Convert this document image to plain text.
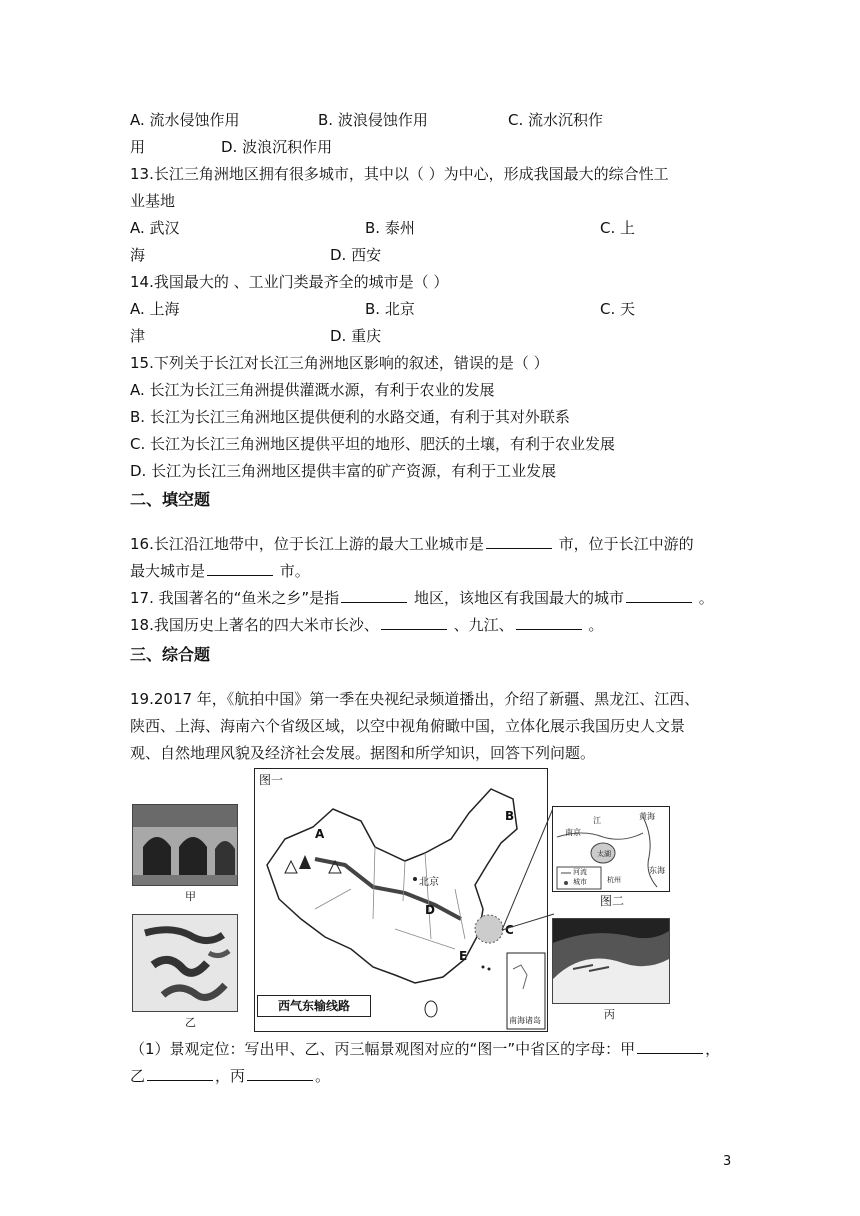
A. 流水侵蚀作用	B. 波浪侵蚀作用	C. 流水沉积作
用	D. 波浪沉积作用
13.长江三角洲地区拥有很多城市，其中以（ ）为中心，形成我国最大的综合性工
业基地
A. 武汉	B. 泰州	C. 上
海	D. 西安
14.我国最大的 、工业门类最齐全的城市是（ ）
A. 上海	B. 北京	C. 天
津	D. 重庆
15.下列关于长江对长江三角洲地区影响的叙述，错误的是（ ）
A. 长江为长江三角洲提供灌溉水源，有利于农业的发展
B. 长江为长江三角洲地区提供便利的水路交通，有利于其对外联系
C. 长江为长江三角洲地区提供平坦的地形、肥沃的土壤，有利于农业发展
D. 长江为长江三角洲地区提供丰富的矿产资源，有利于工业发展
二、填空题
16.长江沿江地带中，位于长江上游的最大工业城市是	市，位于长江中游的
最大城市是	市。
17. 我国著名的“鱼米之乡”是指	地区，该地区有我国最大的城市	。
18.我国历史上著名的四大米市长沙、	、九江、	。
三、综合题
19.2017 年，《航拍中国》第一季在央视纪录频道播出，介绍了新疆、黑龙江、江西、
陕西、上海、海南六个省级区域，以空中视角俯瞰中国，立体化展示我国历史人文景
观、自然地理风貌及经济社会发展。据图和所学知识，回答下列问题。
甲
乙
图一
A
B
C
D
E
北京
西气东输线路
南海诸岛
江
南京
太湖
杭州
黄海
东海
河流
城市
图二
丙
（1）景观定位：写出甲、乙、丙三幅景观图对应的“图一”中省区的字母：甲	，
乙	，丙	。
3
